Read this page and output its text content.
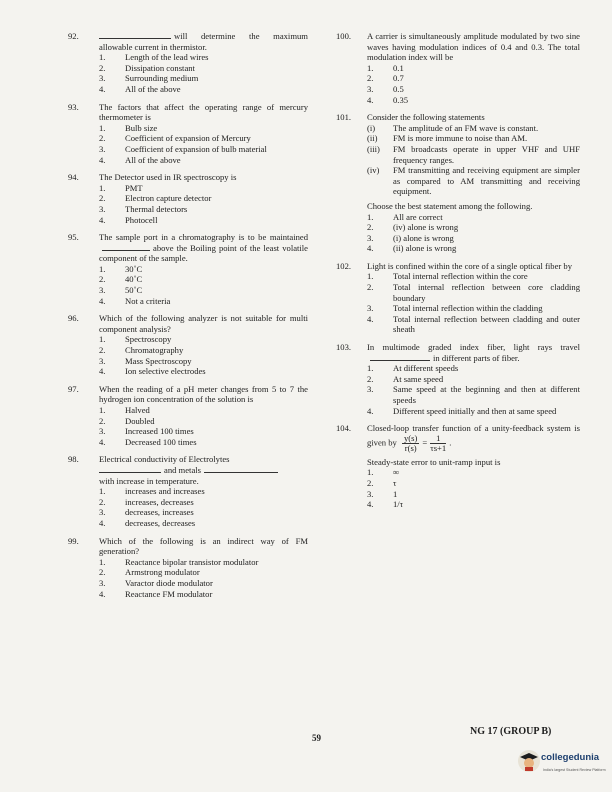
92.	will determine the maximum allowable current in thermistor.
1. Length of the lead wires
2. Dissipation constant
3. Surrounding medium
4. All of the above
93. The factors that affect the operating range of mercury thermometer is
1. Bulb size
2. Coefficient of expansion of Mercury
3. Coefficient of expansion of bulb material
4. All of the above
94. The Detector used in IR spectroscopy is
1. PMT
2. Electron capture detector
3. Thermal detectors
4. Photocell
95. The sample port in a chromatography is to be maintainedabove the Boiling point of the least volatile component of the sample.
1. 30˚C
2. 40˚C
3. 50˚C
4. Not a criteria
96. Which of the following analyzer is not suitable for multi component analysis?
1. Spectroscopy
2. Chromatography
3. Mass Spectroscopy
4. Ion selective electrodes
97. When the reading of a pH meter changes from 5 to 7 the hydrogen ion concentration of the solution is
1. Halved
2. Doubled
3. Increased 100 times
4. Decreased 100 times
98. Electrical conductivity of Electrolytes
and metals
with increase in temperature.
1. increases and increases
2. increases, decreases
3. decreases, increases
4. decreases, decreases
99. Which of the following is an indirect way of FM generation?
1. Reactance bipolar transistor modulator
2. Armstrong modulator
3. Varactor diode modulator
4. Reactance FM modulator
100. A carrier is simultaneously amplitude modulated by two sine waves having modulation indices of 0.4 and 0.3. The total modulation index will be
1. 0.1
2. 0.7
3. 0.5
4. 0.35
101. Consider the following statements
(i) The amplitude of an FM wave is constant.
(ii) FM is more immune to noise than AM.
(iii) FM broadcasts operate in upper VHF and UHF frequency ranges.
(iv) FM transmitting and receiving equipment are simpler as compared to AM transmitting and receiving equipment.
Choose the best statement among the following.
1. All are correct
2. (iv) alone is wrong
3. (i) alone is wrong
4. (ii) alone is wrong
102. Light is confined within the core of a single optical fiber by
1. Total internal reflection within the core
2. Total internal reflection between core cladding boundary
3. Total internal reflection within the cladding
4. Total internal reflection between cladding and outer sheath
103. In multimode graded index fiber, light rays travelin different parts of fiber.
1. At different speeds
2. At same speed
3. Same speed at the beginning and then at different speeds
4. Different speed initially and then at same speed
104. Closed-loop transfer function of a unity-feedback system is given by $\frac{y(s)}{r(s)} = \frac{1}{\tau s+1}$ .
Steady-state error to unit-ramp input is
1. ∞
2. τ
3. 1
4. 1/τ
59
NG 17 (GROUP B)
collegedunia
India's largest Student Review Platform
